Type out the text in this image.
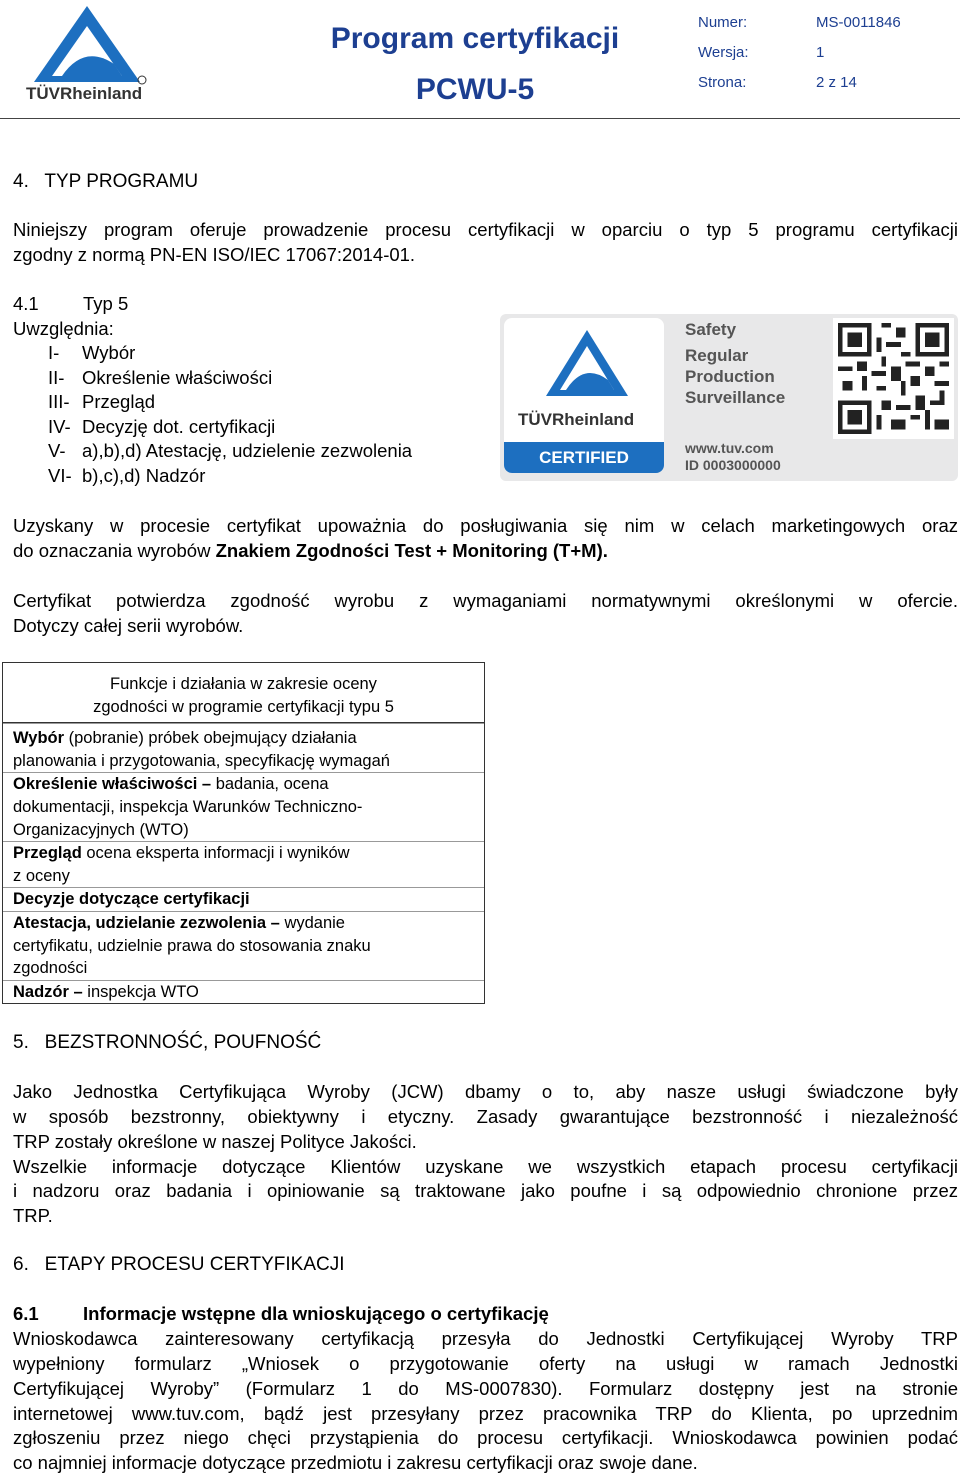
TÜVRheinland
Program certyfikacji
PCWU-5
Numer:	MS-0011846
Wersja:	1
Strona:	2 z 14
4.   TYP PROGRAMU
Niniejszy program oferuje prowadzenie procesu certyfikacji w oparciu o typ 5 programu certyfikacji
zgodny z normą PN-EN ISO/IEC 17067:2014-01.
4.1 Typ 5
Uwzględnia:
I- Wybór
II- Określenie właściwości
III- Przegląd
IV- Decyzję dot. certyfikacji
V- a),b),d) Atestację, udzielenie zezwolenia
VI- b),c),d) Nadzór
TÜVRheinland
CERTIFIED
Safety
Regular
Production
Surveillance
www.tuv.com
ID 0003000000
Uzyskany w procesie certyfikat upoważnia do posługiwania się nim w celach marketingowych oraz
do oznaczania wyrobów Znakiem Zgodności Test + Monitoring (T+M).
Certyfikat potwierdza zgodność wyrobu z wymaganiami normatywnymi określonymi w ofercie.
Dotyczy całej serii wyrobów.
Funkcje i działania w zakresie oceny
zgodności w programie certyfikacji typu 5
Wybór (pobranie) próbek obejmujący działania
planowania i przygotowania, specyfikację wymagań
Określenie właściwości – badania, ocena
dokumentacji, inspekcja Warunków Techniczno-
Organizacyjnych (WTO)
Przegląd ocena eksperta informacji i wyników
z oceny
Decyzje dotyczące certyfikacji
Atestacja, udzielanie zezwolenia – wydanie
certyfikatu, udzielnie prawa do stosowania znaku
zgodności
Nadzór – inspekcja WTO
5.   BEZSTRONNOŚĆ, POUFNOŚĆ
Jako Jednostka Certyfikująca Wyroby (JCW) dbamy o to, aby nasze usługi świadczone były
w sposób bezstronny, obiektywny i etyczny. Zasady gwarantujące bezstronność i niezależność
TRP zostały określone w naszej Polityce Jakości.
Wszelkie informacje dotyczące Klientów uzyskane we wszystkich etapach procesu certyfikacji
i nadzoru oraz badania i opiniowanie są traktowane jako poufne i są odpowiednio chronione przez
TRP.
6.   ETAPY PROCESU CERTYFIKACJI
6.1 Informacje wstępne dla wnioskującego o certyfikację
Wnioskodawca zainteresowany certyfikacją przesyła do Jednostki Certyfikującej Wyroby TRP
wypełniony formularz „Wniosek o przygotowanie oferty na usługi w ramach Jednostki
Certyfikującej Wyroby” (Formularz 1 do MS-0007830). Formularz dostępny jest na stronie
internetowej www.tuv.com, bądź jest przesyłany przez pracownika TRP do Klienta, po uprzednim
zgłoszeniu przez niego chęci przystąpienia do procesu certyfikacji. Wnioskodawca powinien podać
co najmniej informacje dotyczące przedmiotu i zakresu certyfikacji oraz swoje dane.
